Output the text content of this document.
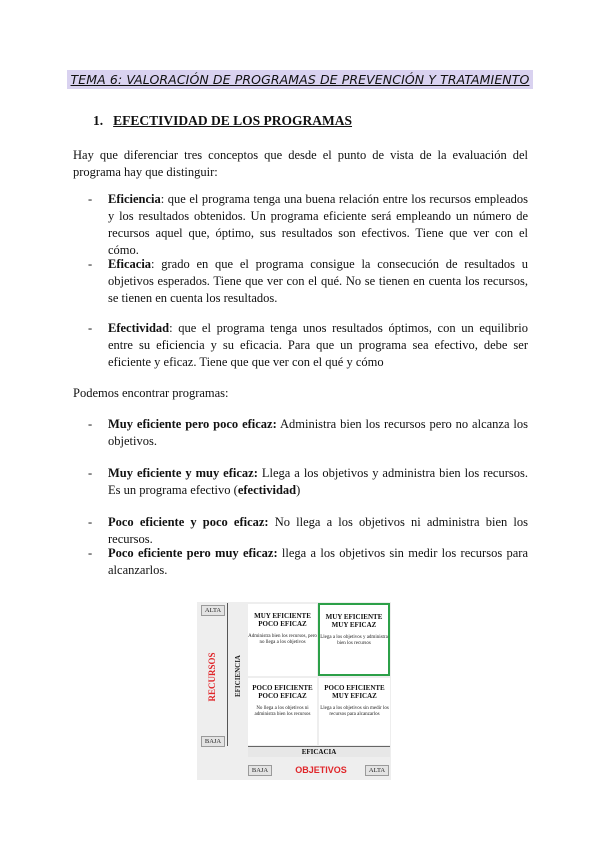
TEMA 6: VALORACIÓN DE PROGRAMAS DE PREVENCIÓN Y TRATAMIENTO
1. EFECTIVIDAD DE LOS PROGRAMAS

Hay que diferenciar tres conceptos que desde el punto de vista de la evaluación del programa hay que distinguir:

- Eficiencia: que el programa tenga una buena relación entre los recursos empleados y los resultados obtenidos. Un programa eficiente será empleando un número de recursos aquel que, óptimo, sus resultados son efectivos. Tiene que ver con el cómo.
- Eficacia: grado en que el programa consigue la consecución de resultados u objetivos esperados. Tiene que ver con el qué. No se tienen en cuenta los recursos, se tienen en cuenta los resultados.
- Efectividad: que el programa tenga unos resultados óptimos, con un equilibrio entre su eficiencia y su eficacia. Para que un programa sea efectivo, debe ser eficiente y eficaz. Tiene que que ver con el qué y cómo

Podemos encontrar programas:

- Muy eficiente pero poco eficaz: Administra bien los recursos pero no alcanza los objetivos.
- Muy eficiente y muy eficaz: Llega a los objetivos y administra bien los recursos. Es un programa efectivo (efectividad)
- Poco eficiente y poco eficaz: No llega a los objetivos ni administra bien los recursos.
- Poco eficiente pero muy eficaz: llega a los objetivos sin medir los recursos para alcanzarlos.
ALTA
BAJA
RECURSOS EFICIENCIA
MUY EFICIENTE POCO EFICAZ
Administra bien los recursos, pero no llega a los objetivos
MUY EFICIENTE MUY EFICAZ
Llega a los objetivos y administra bien los recursos
POCO EFICIENTE POCO EFICAZ
No llega a los objetivos ni administra bien los recursos
POCO EFICIENTE MUY EFICAZ
Llega a los objetivos sin medir los recursos para alcanzarlos
EFICACIA
BAJA	OBJETIVOS	ALTA
